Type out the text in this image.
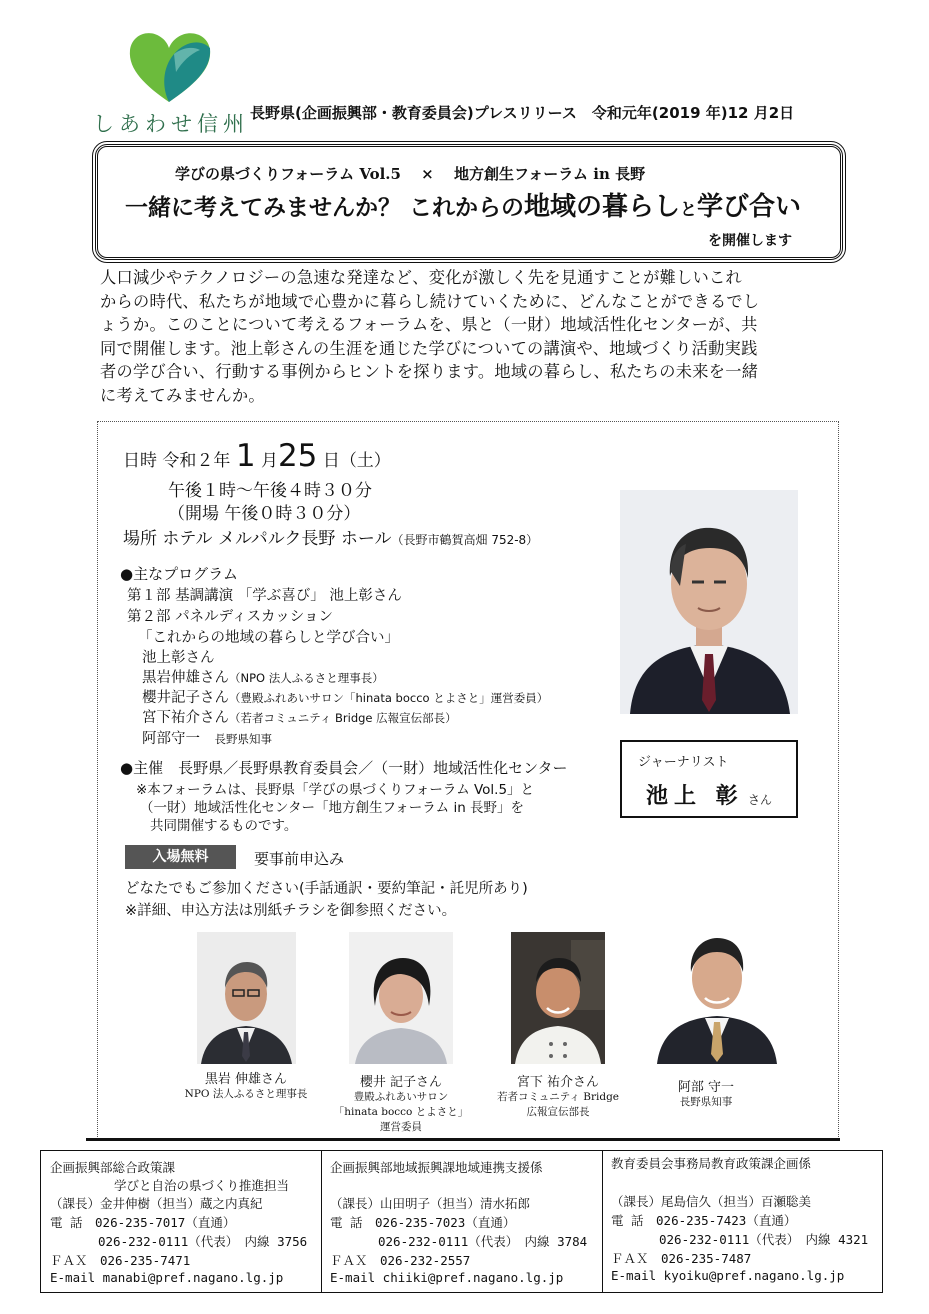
しあわせ信州 長野県(企画振興部・教育委員会)プレスリリース　令和元年(2019 年)12 月2日
学びの県づくりフォーラム Vol.5　 ×　 地方創生フォーラム in 長野
一緒に考えてみませんか？ これからの地域の暮らしと学び合い
を開催します
人口減少やテクノロジーの急速な発達など、変化が激しく先を見通すことが難しいこれ
からの時代、私たちが地域で心豊かに暮らし続けていくために、どんなことができるでし
ょうか。このことについて考えるフォーラムを、県と（一財）地域活性化センターが、共
同で開催します。池上彰さんの生涯を通じた学びについての講演や、地域づくり活動実践
者の学び合い、行動する事例からヒントを探ります。地域の暮らし、私たちの未来を一緒
に考えてみませんか。
日時 令和２年 1 月25 日（土）
午後１時～午後４時３０分
（開場 午後０時３０分）
場所 ホテル メルパルク長野 ホール（長野市鶴賀高畑 752-8）
●主なプログラム
第１部 基調講演 「学ぶ喜び」 池上彰さん
第２部 パネルディスカッション
「これからの地域の暮らしと学び合い」
池上彰さん
黒岩伸雄さん（NPO 法人ふるさと理事長）
櫻井記子さん（豊殿ふれあいサロン「hinata bocco とよさと」運営委員）
宮下祐介さん（若者コミュニティ Bridge 広報宣伝部長）
阿部守一　 長野県知事
●主催　長野県／長野県教育委員会／（一財）地域活性化センター
※本フォーラムは、長野県「学びの県づくりフォーラム Vol.5」と
（一財）地域活性化センター「地方創生フォーラム in 長野」を
共同開催するものです。
入場無料	要事前申込み
どなたでもご参加ください(手話通訳・要約筆記・託児所あり)
※詳細、申込方法は別紙チラシを御参照ください。
ジャーナリスト
池上 彰 さん
黒岩 伸雄さん
NPO 法人ふるさと理事長
櫻井 記子さん
豊殿ふれあいサロン
「hinata bocco とよさと」
運営委員
宮下 祐介さん
若者コミュニティ Bridge
広報宣伝部長
阿部 守一
長野県知事
企画振興部総合政策課
学びと自治の県づくり推進担当
（課長）金井伸樹（担当）蔵之内真紀
電 話　026-235-7017（直通）
026-232-0111（代表）　内線 3756
ＦＡＸ　026-235-7471
E-mail manabi@pref.nagano.lg.jp
企画振興部地域振興課地域連携支援係
（課長）山田明子（担当）清水拓郎
電 話　026-235-7023（直通）
026-232-0111（代表）　内線 3784
ＦＡＸ　026-232-2557
E-mail chiiki@pref.nagano.lg.jp
教育委員会事務局教育政策課企画係
（課長）尾島信久（担当）百瀬聡美
電 話　026-235-7423（直通）
026-232-0111（代表）　内線 4321
ＦＡＸ　026-235-7487
E-mail kyoiku@pref.nagano.lg.jp
